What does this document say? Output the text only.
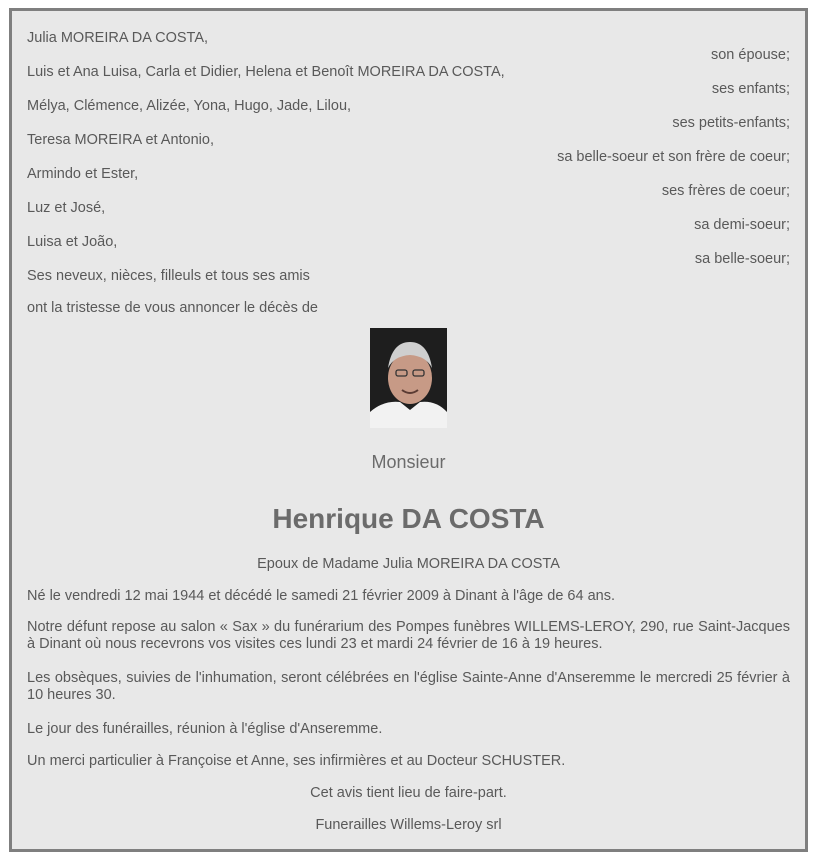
Julia MOREIRA DA COSTA,
son épouse;
Luis et Ana Luisa, Carla et Didier, Helena et Benoît MOREIRA DA COSTA,
ses enfants;
Mélya, Clémence, Alizée, Yona, Hugo, Jade, Lilou,
ses petits-enfants;
Teresa MOREIRA et Antonio,
sa belle-soeur et son frère de coeur;
Armindo et Ester,
ses frères de coeur;
Luz et José,
sa demi-soeur;
Luisa et João,
sa belle-soeur;
Ses neveux, nièces, filleuls et tous ses amis
ont la tristesse de vous annoncer le décès de
Monsieur
Henrique DA COSTA
Epoux de Madame Julia MOREIRA DA COSTA
Né le vendredi 12 mai 1944 et décédé le samedi 21 février 2009 à Dinant à l'âge de 64 ans.
Notre défunt repose au salon « Sax » du funérarium des Pompes funèbres WILLEMS-LEROY, 290, rue Saint-Jacques à Dinant où nous recevrons vos visites ces lundi 23 et mardi 24 février de 16 à 19 heures.
Les obsèques, suivies de l'inhumation, seront célébrées en l'église Sainte-Anne d'Anseremme le mercredi 25 février à 10 heures 30.
Le jour des funérailles, réunion à l'église d'Anseremme.
Un merci particulier à Françoise et Anne, ses infirmières et au Docteur SCHUSTER.
Cet avis tient lieu de faire-part.
Funerailles Willems-Leroy srl
